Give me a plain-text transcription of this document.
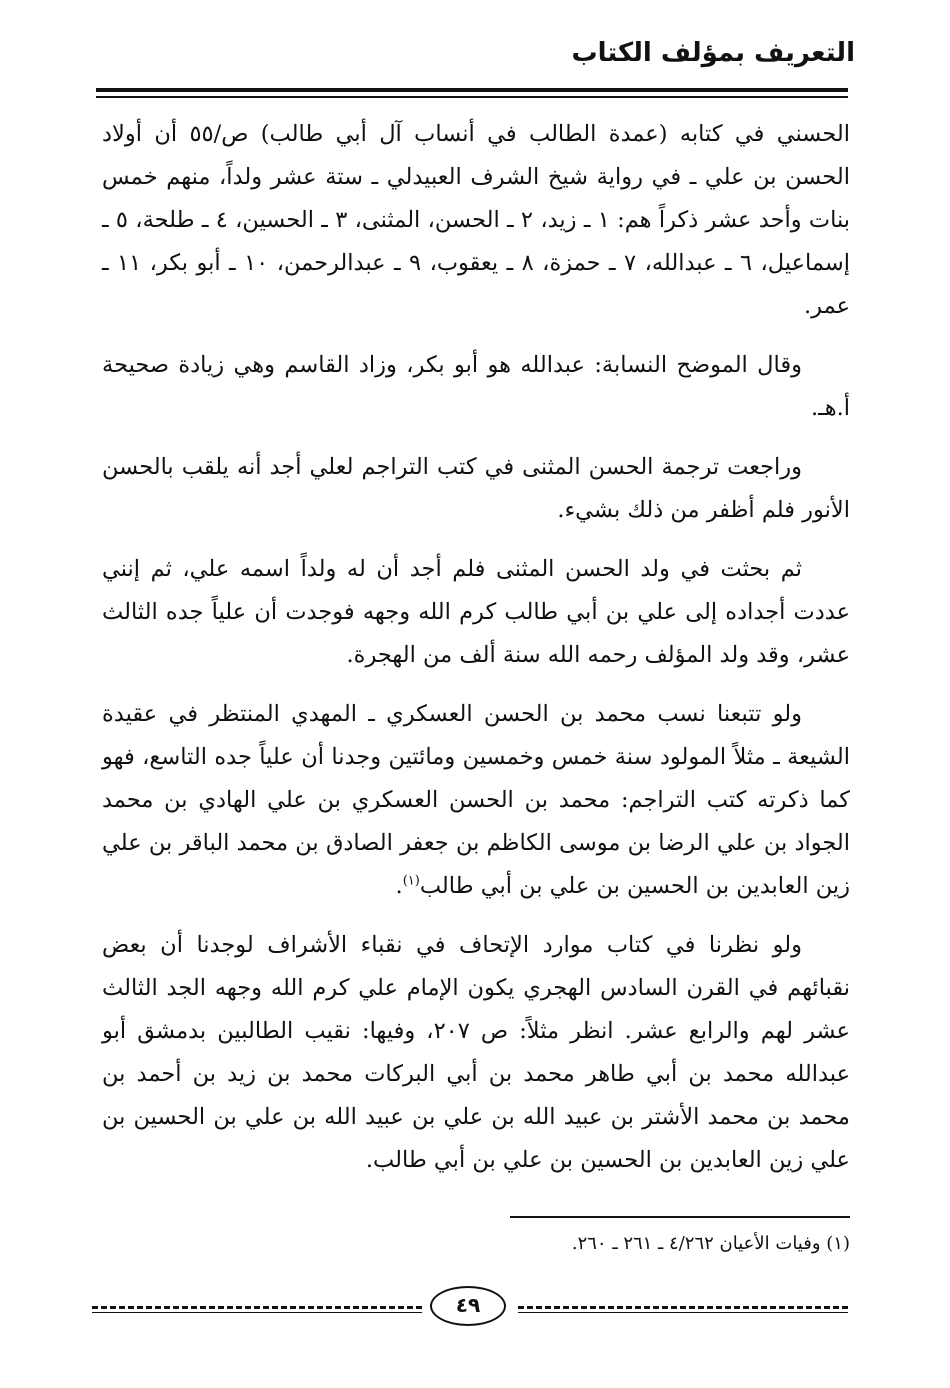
التعريف بمؤلف الكتاب

الحسني في كتابه (عمدة الطالب في أنساب آل أبي طالب) ص/٥٥ أن أولاد الحسن بن علي ـ في رواية شيخ الشرف العبيدلي ـ ستة عشر ولداً، منهم خمس بنات وأحد عشر ذكراً هم: ١ ـ زيد، ٢ ـ الحسن، المثنى، ٣ ـ الحسين، ٤ ـ طلحة، ٥ ـ إسماعيل، ٦ ـ عبدالله، ٧ ـ حمزة، ٨ ـ يعقوب، ٩ ـ عبدالرحمن، ١٠ ـ أبو بكر، ١١ ـ عمر.

وقال الموضح النسابة: عبدالله هو أبو بكر، وزاد القاسم وهي زيادة صحيحة أ.هـ.

وراجعت ترجمة الحسن المثنى في كتب التراجم لعلي أجد أنه يلقب بالحسن الأنور فلم أظفر من ذلك بشيء.

ثم بحثت في ولد الحسن المثنى فلم أجد أن له ولداً اسمه علي، ثم إنني عددت أجداده إلى علي بن أبي طالب كرم الله وجهه فوجدت أن علياً جده الثالث عشر، وقد ولد المؤلف رحمه الله سنة ألف من الهجرة.

ولو تتبعنا نسب محمد بن الحسن العسكري ـ المهدي المنتظر في عقيدة الشيعة ـ مثلاً المولود سنة خمس وخمسين ومائتين وجدنا أن علياً جده التاسع، فهو كما ذكرته كتب التراجم: محمد بن الحسن العسكري بن علي الهادي بن محمد الجواد بن علي الرضا بن موسى الكاظم بن جعفر الصادق بن محمد الباقر بن علي زين العابدين بن الحسين بن علي بن أبي طالب$^{(١)}$.

ولو نظرنا في كتاب موارد الإتحاف في نقباء الأشراف لوجدنا أن بعض نقبائهم في القرن السادس الهجري يكون الإمام علي كرم الله وجهه الجد الثالث عشر لهم والرابع عشر. انظر مثلاً: ص ٢٠٧، وفيها: نقيب الطالبين بدمشق أبو عبدالله محمد بن أبي طاهر محمد بن أبي البركات محمد بن زيد بن أحمد بن محمد بن محمد الأشتر بن عبيد الله بن علي بن عبيد الله بن علي بن الحسين بن علي زين العابدين بن الحسين بن علي بن أبي طالب.

(١) وفيات الأعيان ٤/٢٦٢ ـ ٢٦١ ـ ٢٦٠.
٤٩
